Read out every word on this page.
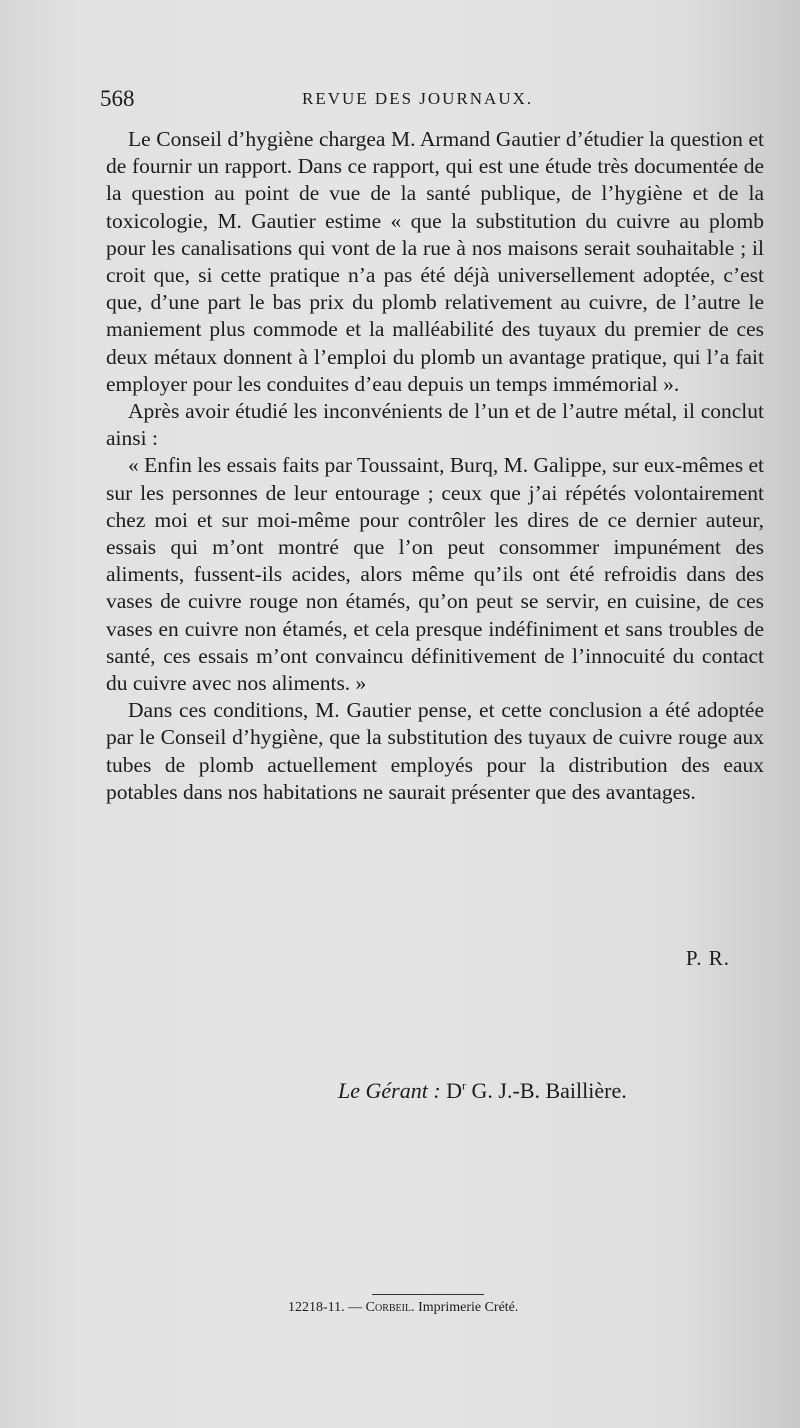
568	REVUE DES JOURNAUX.

Le Conseil d’hygiène chargea M. Armand Gautier d’étudier la question et de fournir un rapport. Dans ce rapport, qui est une étude très documentée de la question au point de vue de la santé publique, de l’hygiène et de la toxicologie, M. Gautier estime « que la substitution du cuivre au plomb pour les canalisations qui vont de la rue à nos maisons serait souhaitable ; il croit que, si cette pratique n’a pas été déjà universellement adoptée, c’est que, d’une part le bas prix du plomb relativement au cuivre, de l’autre le maniement plus commode et la malléabilité des tuyaux du premier de ces deux métaux donnent à l’emploi du plomb un avantage pratique, qui l’a fait employer pour les conduites d’eau depuis un temps immémorial ».

Après avoir étudié les inconvénients de l’un et de l’autre métal, il conclut ainsi :

« Enfin les essais faits par Toussaint, Burq, M. Galippe, sur eux-mêmes et sur les personnes de leur entourage ; ceux que j’ai répétés volontairement chez moi et sur moi-même pour contrôler les dires de ce dernier auteur, essais qui m’ont montré que l’on peut consommer impunément des aliments, fussent-ils acides, alors même qu’ils ont été refroidis dans des vases de cuivre rouge non étamés, qu’on peut se servir, en cuisine, de ces vases en cuivre non étamés, et cela presque indéfiniment et sans troubles de santé, ces essais m’ont convaincu définitivement de l’innocuité du contact du cuivre avec nos aliments. »

Dans ces conditions, M. Gautier pense, et cette conclusion a été adoptée par le Conseil d’hygiène, que la substitution des tuyaux de cuivre rouge aux tubes de plomb actuellement employés pour la distribution des eaux potables dans nos habitations ne saurait présenter que des avantages.

P. R.
Le Gérant : $D^r$ G. J.-B. Baillière.
12218-11. — Corbeil. Imprimerie Crété.
